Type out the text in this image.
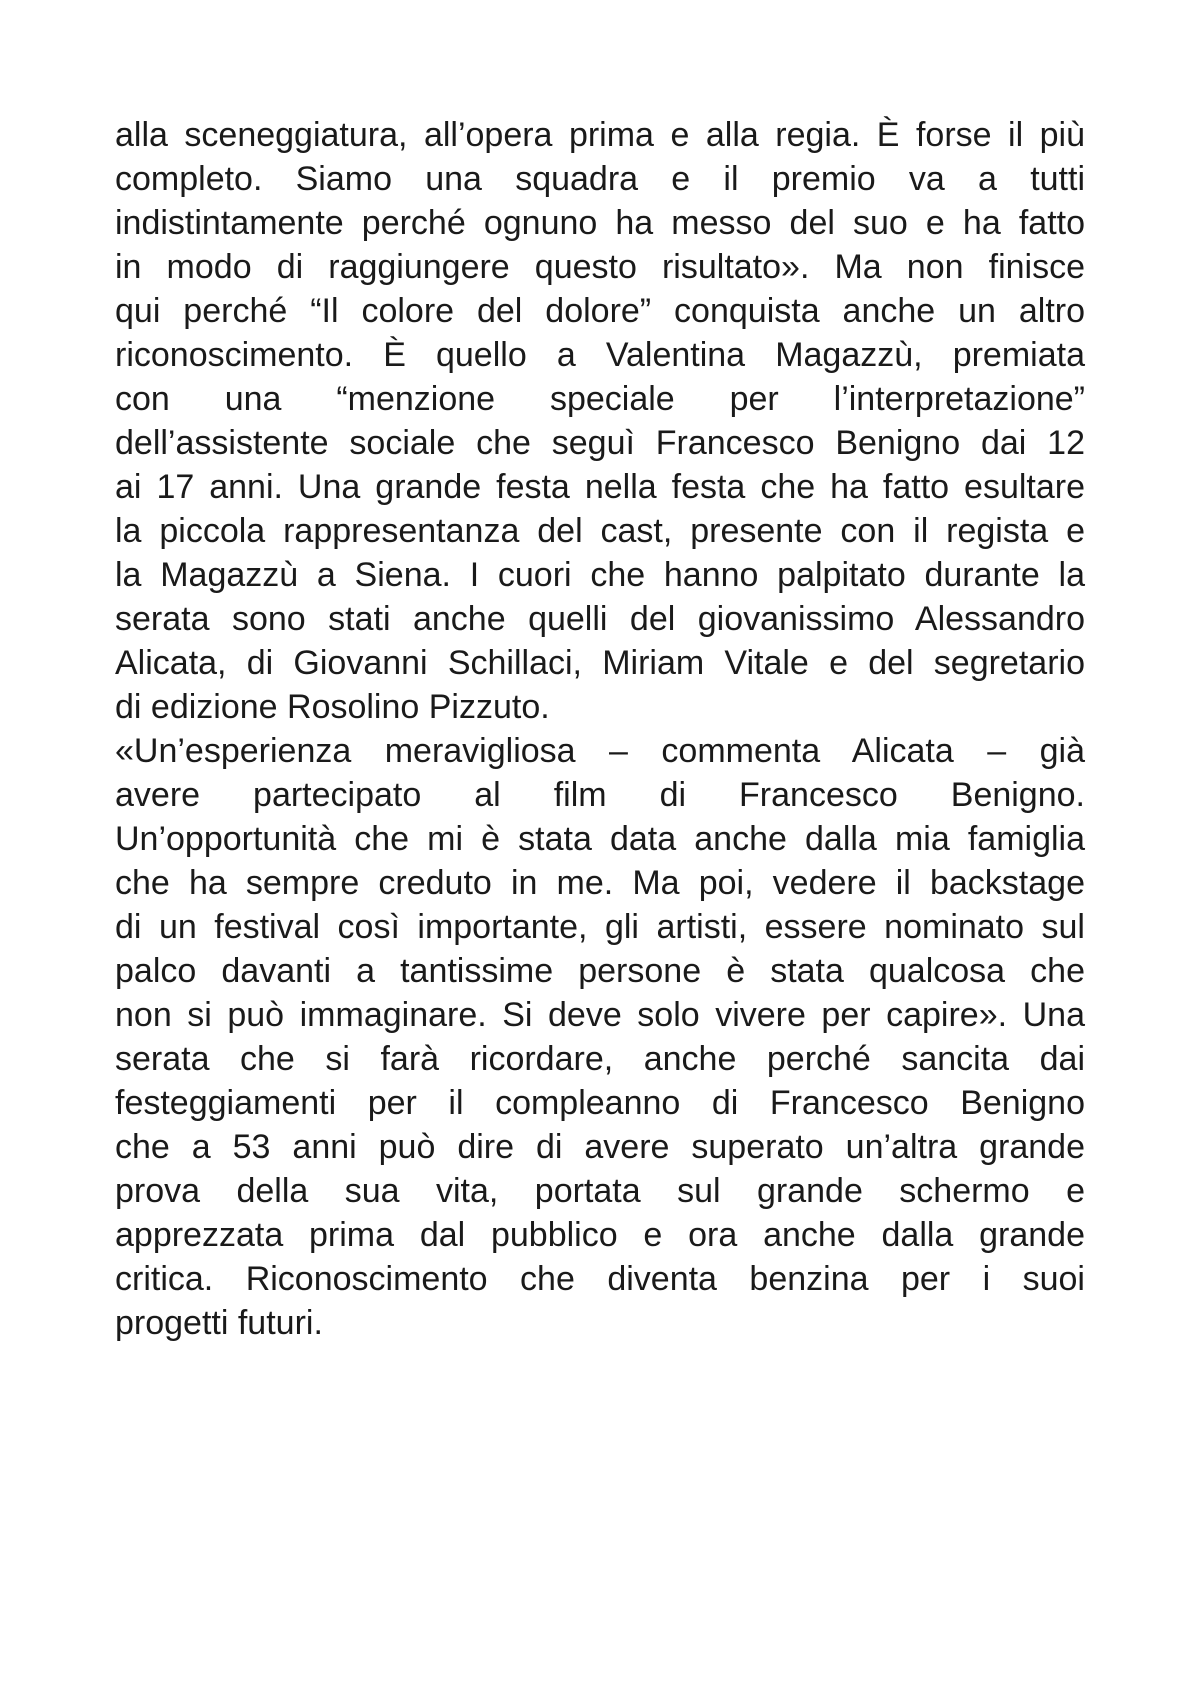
alla sceneggiatura, all’opera prima e alla regia. È forse il più
completo. Siamo una squadra e il premio va a tutti
indistintamente perché ognuno ha messo del suo e ha fatto
in modo di raggiungere questo risultato». Ma non finisce
qui perché “Il colore del dolore” conquista anche un altro
riconoscimento. È quello a Valentina Magazzù, premiata
con una “menzione speciale per l’interpretazione”
dell’assistente sociale che seguì Francesco Benigno dai 12
ai 17 anni. Una grande festa nella festa che ha fatto esultare
la piccola rappresentanza del cast, presente con il regista e
la Magazzù a Siena. I cuori che hanno palpitato durante la
serata sono stati anche quelli del giovanissimo Alessandro
Alicata, di Giovanni Schillaci, Miriam Vitale e del segretario
di edizione Rosolino Pizzuto.
«Un’esperienza meravigliosa – commenta Alicata – già
avere partecipato al film di Francesco Benigno.
Un’opportunità che mi è stata data anche dalla mia famiglia
che ha sempre creduto in me. Ma poi, vedere il backstage
di un festival così importante, gli artisti, essere nominato sul
palco davanti a tantissime persone è stata qualcosa che
non si può immaginare. Si deve solo vivere per capire». Una
serata che si farà ricordare, anche perché sancita dai
festeggiamenti per il compleanno di Francesco Benigno
che a 53 anni può dire di avere superato un’altra grande
prova della sua vita, portata sul grande schermo e
apprezzata prima dal pubblico e ora anche dalla grande
critica. Riconoscimento che diventa benzina per i suoi
progetti futuri.
